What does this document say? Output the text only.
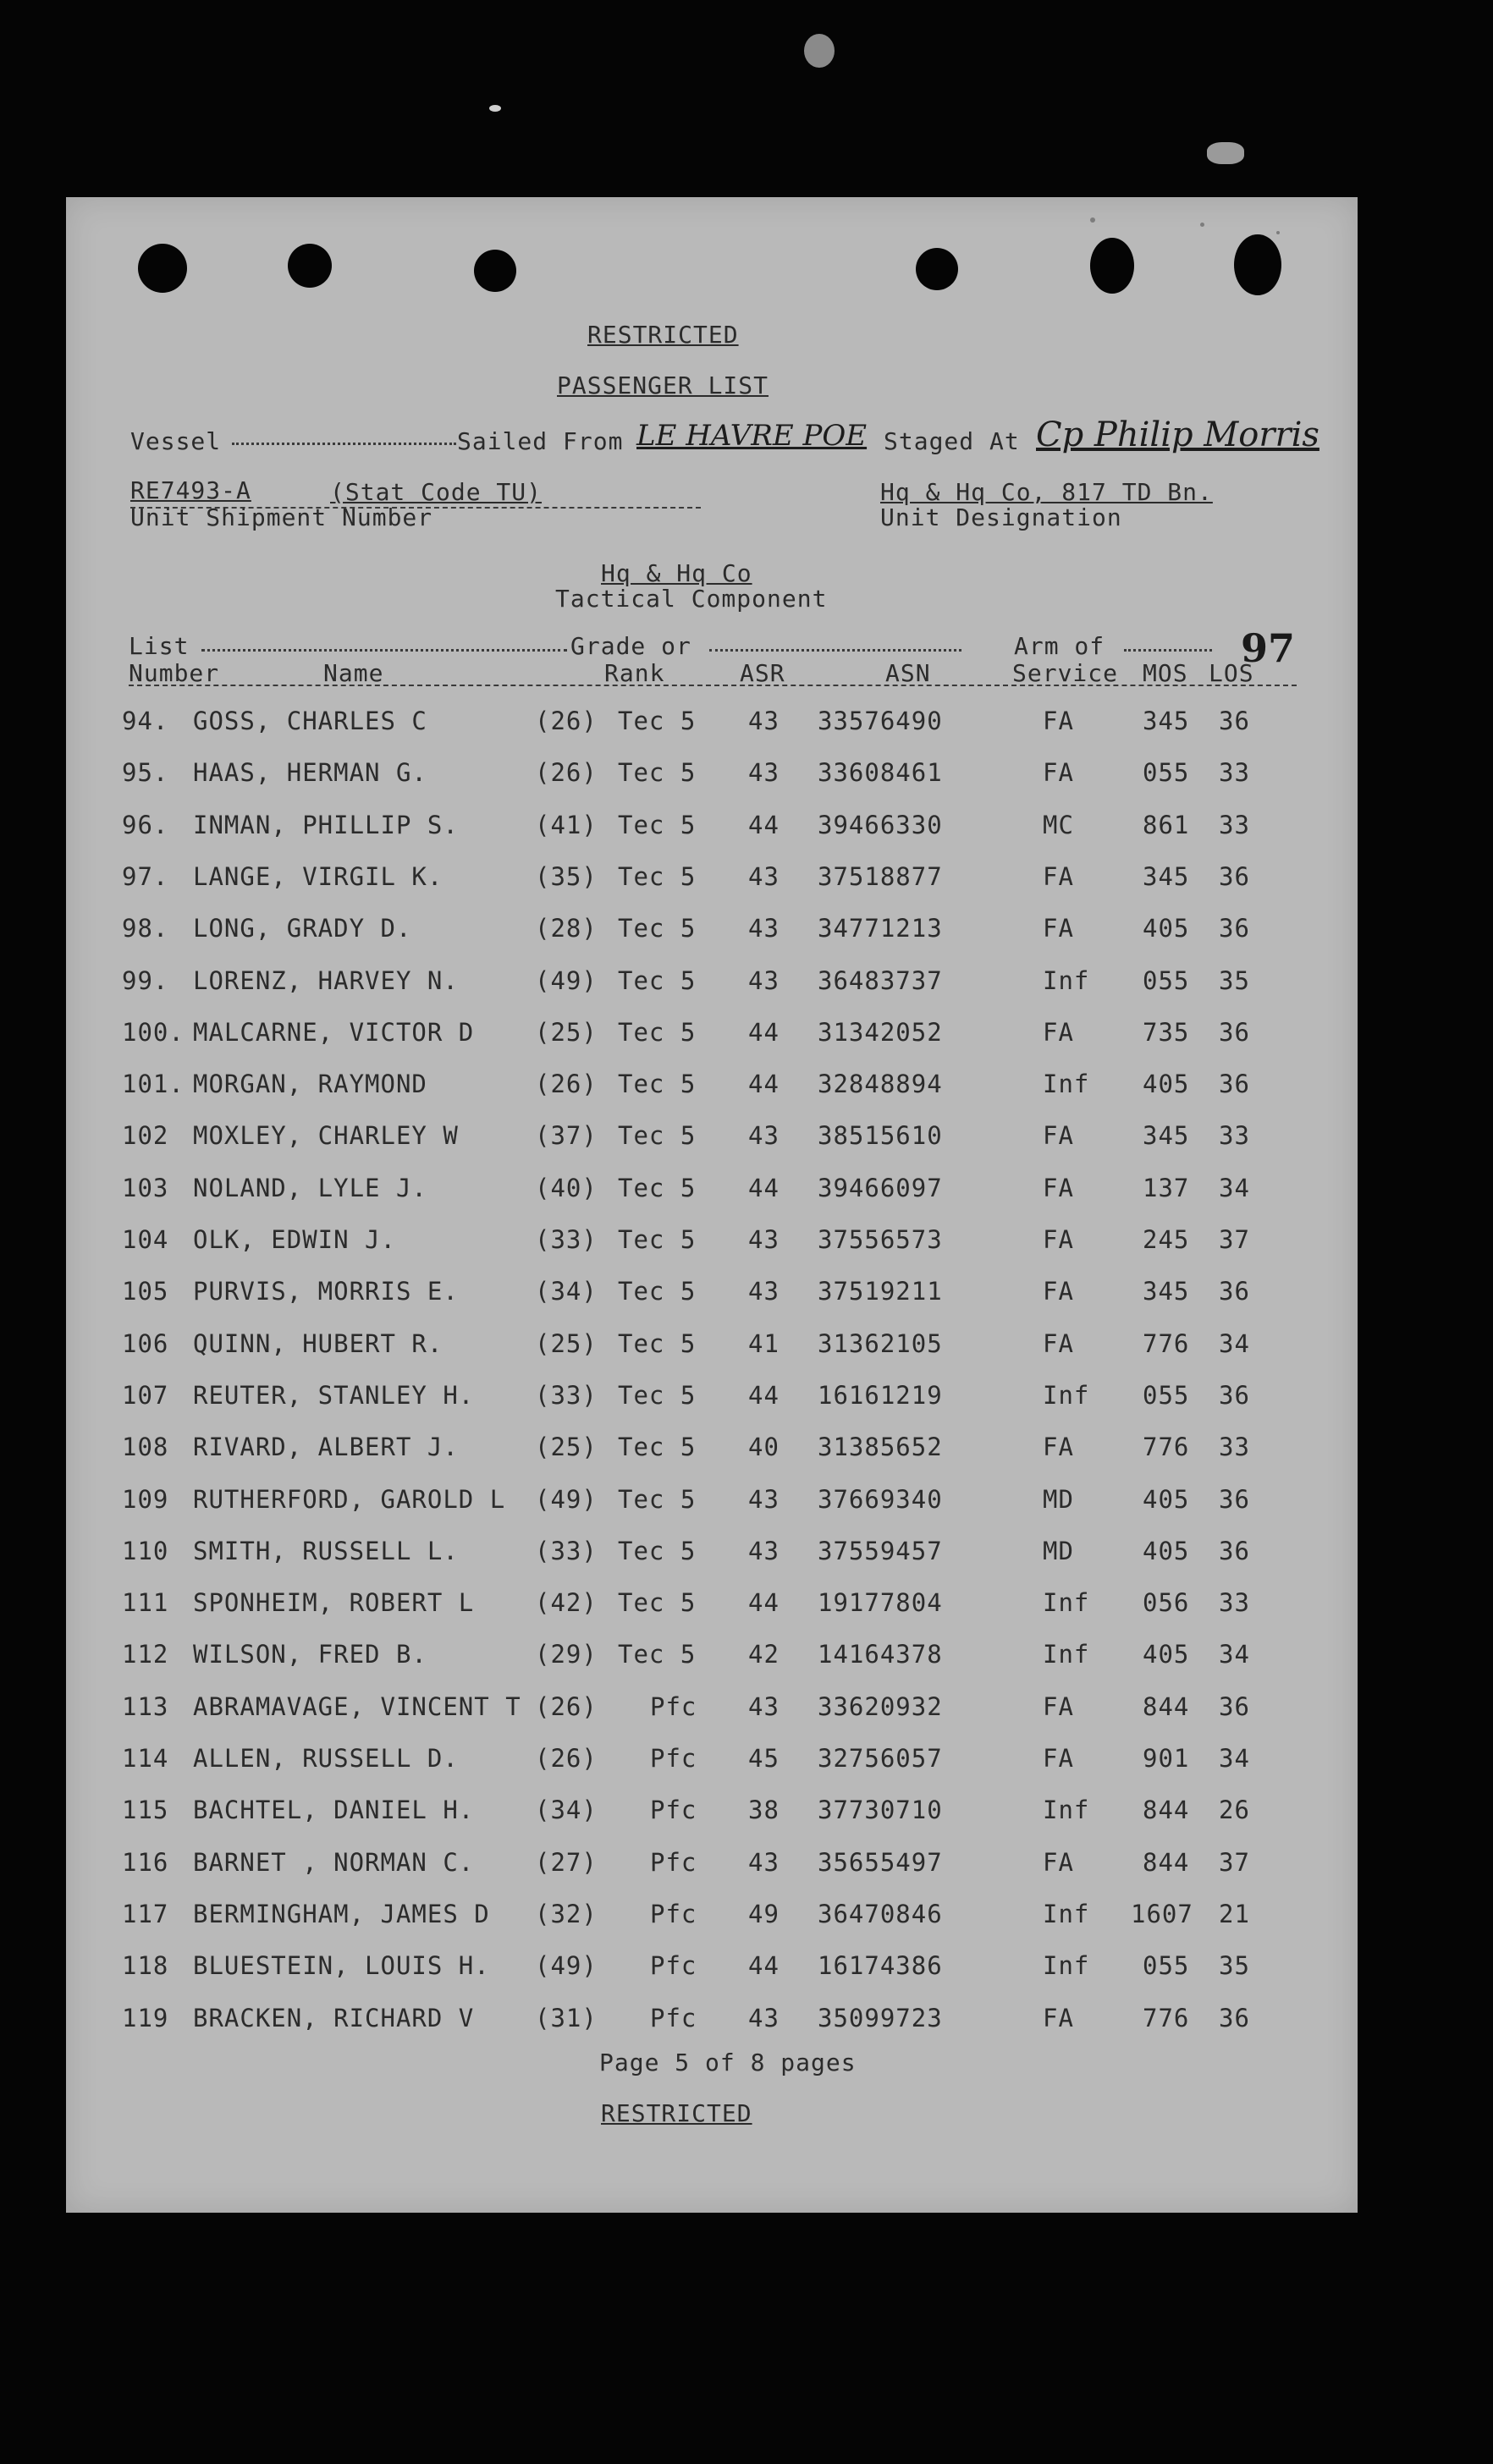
RESTRICTED
PASSENGER LIST
Vessel	Sailed From LE HAVRE POE Staged At Cp Philip Morris
RE7493-A	(Stat Code TU)
Unit Shipment Number
Hq & Hq Co, 817 TD Bn.
Unit Designation
Hq & Hq Co
Tactical Component
List	Grade or	Arm of	97
Number	Name	Rank	ASR	ASN	Service MOS LOS
94. GOSS, CHARLES C	(26) Tec 5 43 33576490	FA	345 36
95. HAAS, HERMAN G.	(26) Tec 5 43 33608461	FA	055 33
96. INMAN, PHILLIP S.	(41) Tec 5 44 39466330	MC	861 33
97. LANGE, VIRGIL K.	(35) Tec 5 43 37518877	FA	345 36
98. LONG, GRADY D.	(28) Tec 5 43 34771213	FA	405 36
99. LORENZ, HARVEY N.	(49) Tec 5 43 36483737	Inf 055 35
100. MALCARNE, VICTOR D (25) Tec 5 44 31342052	FA	735 36
101. MORGAN, RAYMOND	(26) Tec 5 44 32848894	Inf 405 36
102 MOXLEY, CHARLEY W	(37) Tec 5 43 38515610	FA	345 33
103 NOLAND, LYLE J.	(40) Tec 5 44 39466097	FA	137 34
104 OLK, EDWIN J.	(33) Tec 5 43 37556573	FA	245 37
105 PURVIS, MORRIS E.	(34) Tec 5 43 37519211	FA	345 36
106 QUINN, HUBERT R.	(25) Tec 5 41 31362105	FA	776 34
107 REUTER, STANLEY H. (33) Tec 5 44 16161219	Inf 055 36
108 RIVARD, ALBERT J.	(25) Tec 5 40 31385652	FA	776 33
109 RUTHERFORD, GAROLD L (49) Tec 5 43 37669340	MD	405 36
110 SMITH, RUSSELL L.	(33) Tec 5 43 37559457	MD	405 36
111 SPONHEIM, ROBERT L (42) Tec 5 44 19177804	Inf 056 33
112 WILSON, FRED B.	(29) Tec 5 42 14164378	Inf 405 34
113 ABRAMAVAGE, VINCENT T (26) Pfc 43 33620932	FA	844 36
114 ALLEN, RUSSELL D.	(26) Pfc 45 32756057	FA	901 34
115 BACHTEL, DANIEL H. (34) Pfc 38 37730710	Inf 844 26
116 BARNET , NORMAN C. (27) Pfc 43 35655497	FA	844 37
117 BERMINGHAM, JAMES D (32) Pfc 49 36470846	Inf 1607 21
118 BLUESTEIN, LOUIS H. (49) Pfc 44 16174386	Inf 055 35
119 BRACKEN, RICHARD V (31) Pfc 43 35099723	FA	776 36
Page 5 of 8 pages
RESTRICTED
